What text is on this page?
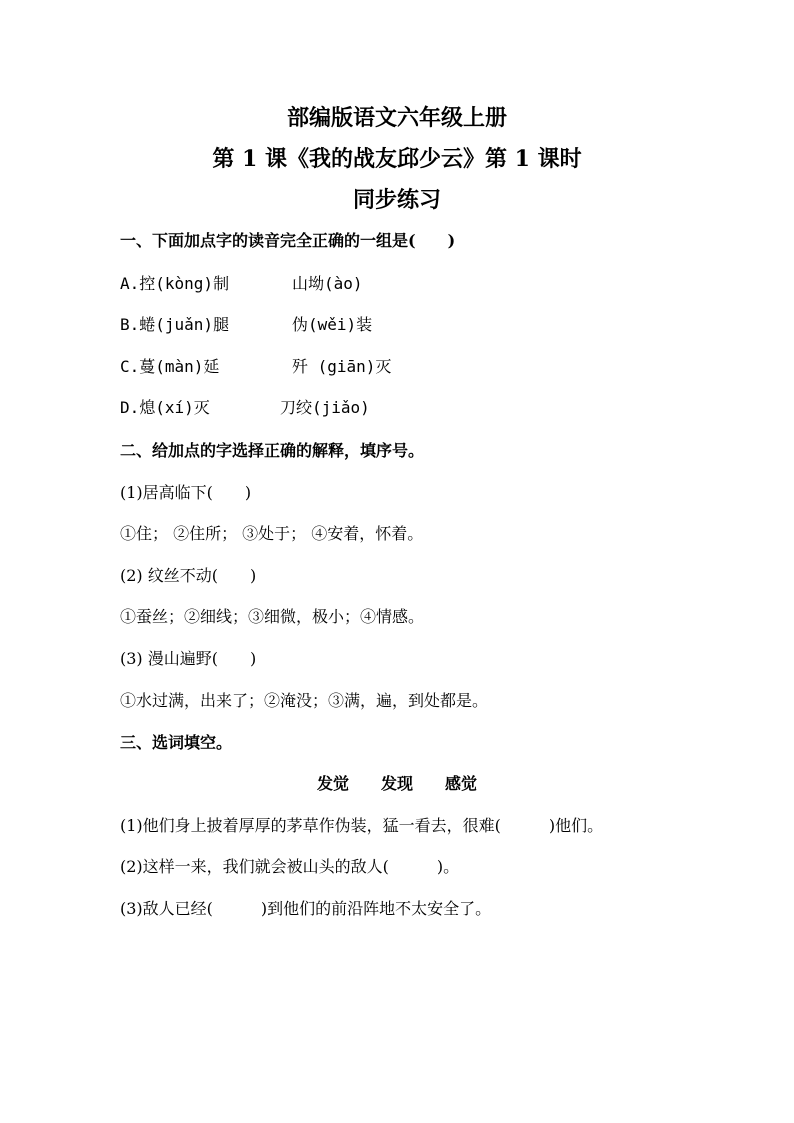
部编版语文六年级上册
第 1 课《我的战友邱少云》第 1 课时
同步练习
一、下面加点字的读音完全正确的一组是(　　)
A.控(kòng)制	山坳(ào)
B.蜷(juǎn)腿	伪(wěi)装
C.蔓(màn)延	歼 (giān)灭
D.熄(xí)灭	刀绞(jiǎo)
二、给加点的字选择正确的解释，填序号。
(1)居高临下(　　)
①住； ②住所； ③处于； ④安着，怀着。
(2) 纹丝不动(　　)
①蚕丝；②细线；③细微，极小；④情感。
(3) 漫山遍野(　　)
①水过满，出来了；②淹没；③满，遍，到处都是。
三、选词填空。
发觉 发现 感觉
(1)他们身上披着厚厚的茅草作伪装，猛一看去，很难(　　　)他们。
(2)这样一来，我们就会被山头的敌人(　　　)。
(3)敌人已经(　　　)到他们的前沿阵地不太安全了。
